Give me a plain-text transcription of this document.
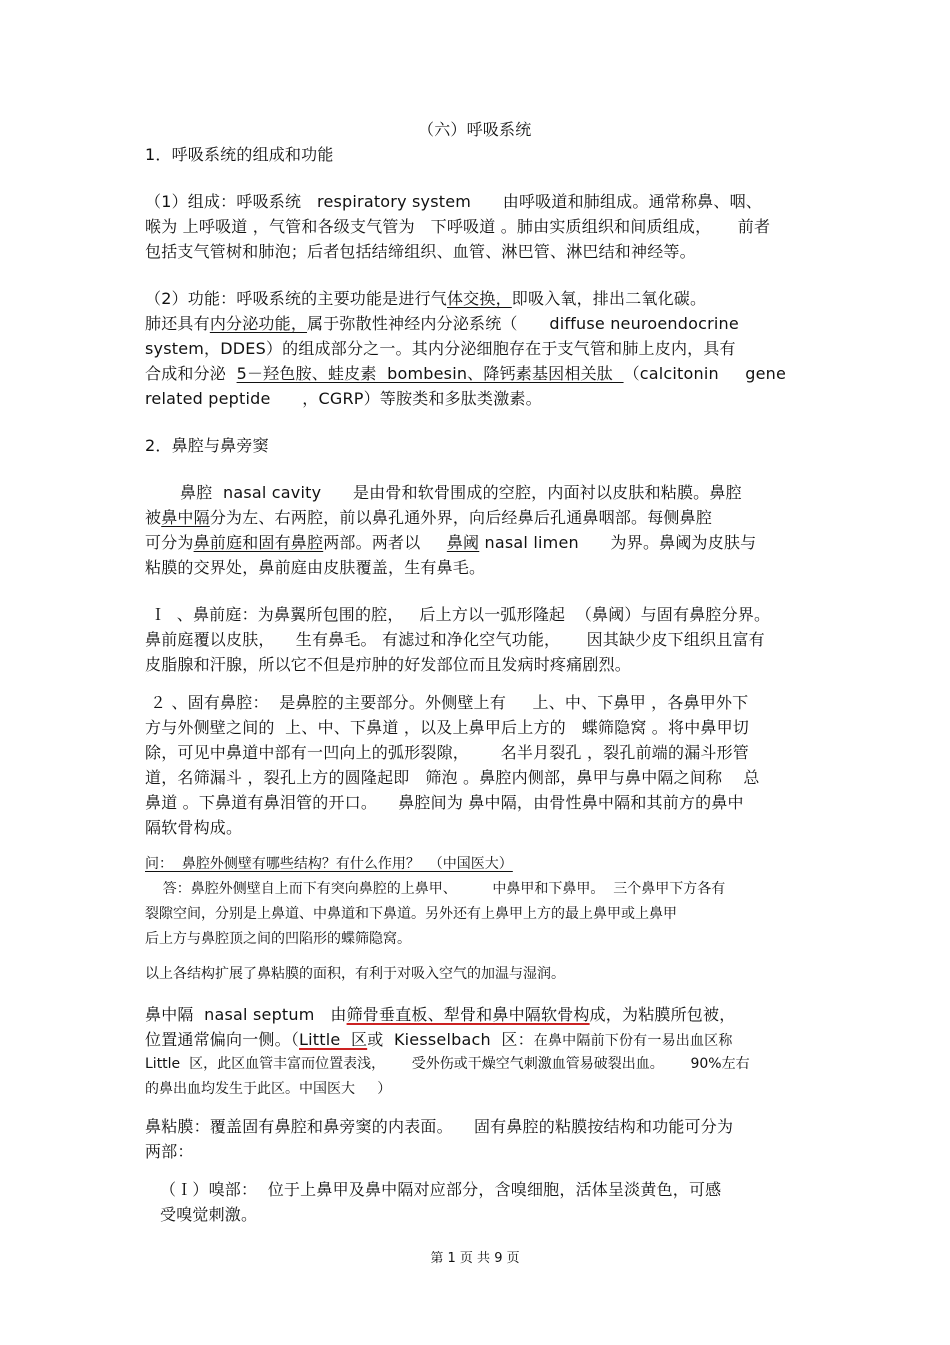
（六）呼吸系统
1．呼吸系统的组成和功能
（1）组成：呼吸系统   respiratory system      由呼吸道和肺组成。通常称鼻、咽、
喉为 上呼吸道 ，气管和各级支气管为   下呼吸道 。肺由实质组织和间质组成，     前者
包括支气管树和肺泡；后者包括结缔组织、血管、淋巴管、淋巴结和神经等。
（2）功能：呼吸系统的主要功能是进行气体交换，即吸入氧，排出二氧化碳。
肺还具有内分泌功能，属于弥散性神经内分泌系统（      diffuse neuroendocrine
system，DDES）的组成部分之一。其内分泌细胞存在于支气管和肺上皮内，具有
合成和分泌  5－羟色胺、蛙皮素  bombesin、降钙素基因相关肽  （calcitonin     gene
related peptide      ，CGRP）等胺类和多肽类激素。
2．鼻腔与鼻旁窦
鼻腔  nasal cavity      是由骨和软骨围成的空腔，内面衬以皮肤和粘膜。鼻腔
被鼻中隔分为左、右两腔，前以鼻孔通外界，向后经鼻后孔通鼻咽部。每侧鼻腔
可分为鼻前庭和固有鼻腔两部。两者以     鼻阈 nasal limen      为界。鼻阈为皮肤与
粘膜的交界处，鼻前庭由皮肤覆盖，生有鼻毛。
Ｉ  、鼻前庭：为鼻翼所包围的腔，   后上方以一弧形隆起  （鼻阈）与固有鼻腔分界。
鼻前庭覆以皮肤，    生有鼻毛。 有滤过和净化空气功能，     因其缺少皮下组织且富有
皮脂腺和汗腺，所以它不但是疖肿的好发部位而且发病时疼痛剧烈。
２ 、固有鼻腔：  是鼻腔的主要部分。外侧壁上有     上、中、下鼻甲 ，各鼻甲外下
方与外侧壁之间的  上、中、下鼻道 ，以及上鼻甲后上方的   蝶筛隐窝 。将中鼻甲切
除，可见中鼻道中部有一凹向上的弧形裂隙，      名半月裂孔 ，裂孔前端的漏斗形管
道，名筛漏斗 ，裂孔上方的圆隆起即   筛泡 。鼻腔内侧部，鼻甲与鼻中隔之间称    总
鼻道 。下鼻道有鼻泪管的开口。    鼻腔间为 鼻中隔，由骨性鼻中隔和其前方的鼻中
隔软骨构成。
问：  鼻腔外侧壁有哪些结构？有什么作用？  （中国医大）
答：鼻腔外侧壁自上而下有突向鼻腔的上鼻甲、        中鼻甲和下鼻甲。  三个鼻甲下方各有
裂隙空间，分别是上鼻道、中鼻道和下鼻道。另外还有上鼻甲上方的最上鼻甲或上鼻甲
后上方与鼻腔顶之间的凹陷形的蝶筛隐窝。
以上各结构扩展了鼻粘膜的面积，有利于对吸入空气的加温与湿润。
鼻中隔  nasal septum   由筛骨垂直板、犁骨和鼻中隔软骨构成，为粘膜所包被，
位置通常偏向一侧。（Little  区或  Kiesselbach  区：在鼻中隔前下份有一易出血区称
Little  区，此区血管丰富而位置表浅，      受外伤或干燥空气刺激血管易破裂出血。      90%左右
的鼻出血均发生于此区。中国医大     ）
鼻粘膜：覆盖固有鼻腔和鼻旁窦的内表面。    固有鼻腔的粘膜按结构和功能可分为
两部：
（Ｉ）嗅部：  位于上鼻甲及鼻中隔对应部分，含嗅细胞，活体呈淡黄色，可感
受嗅觉刺激。
第 1 页 共 9 页
